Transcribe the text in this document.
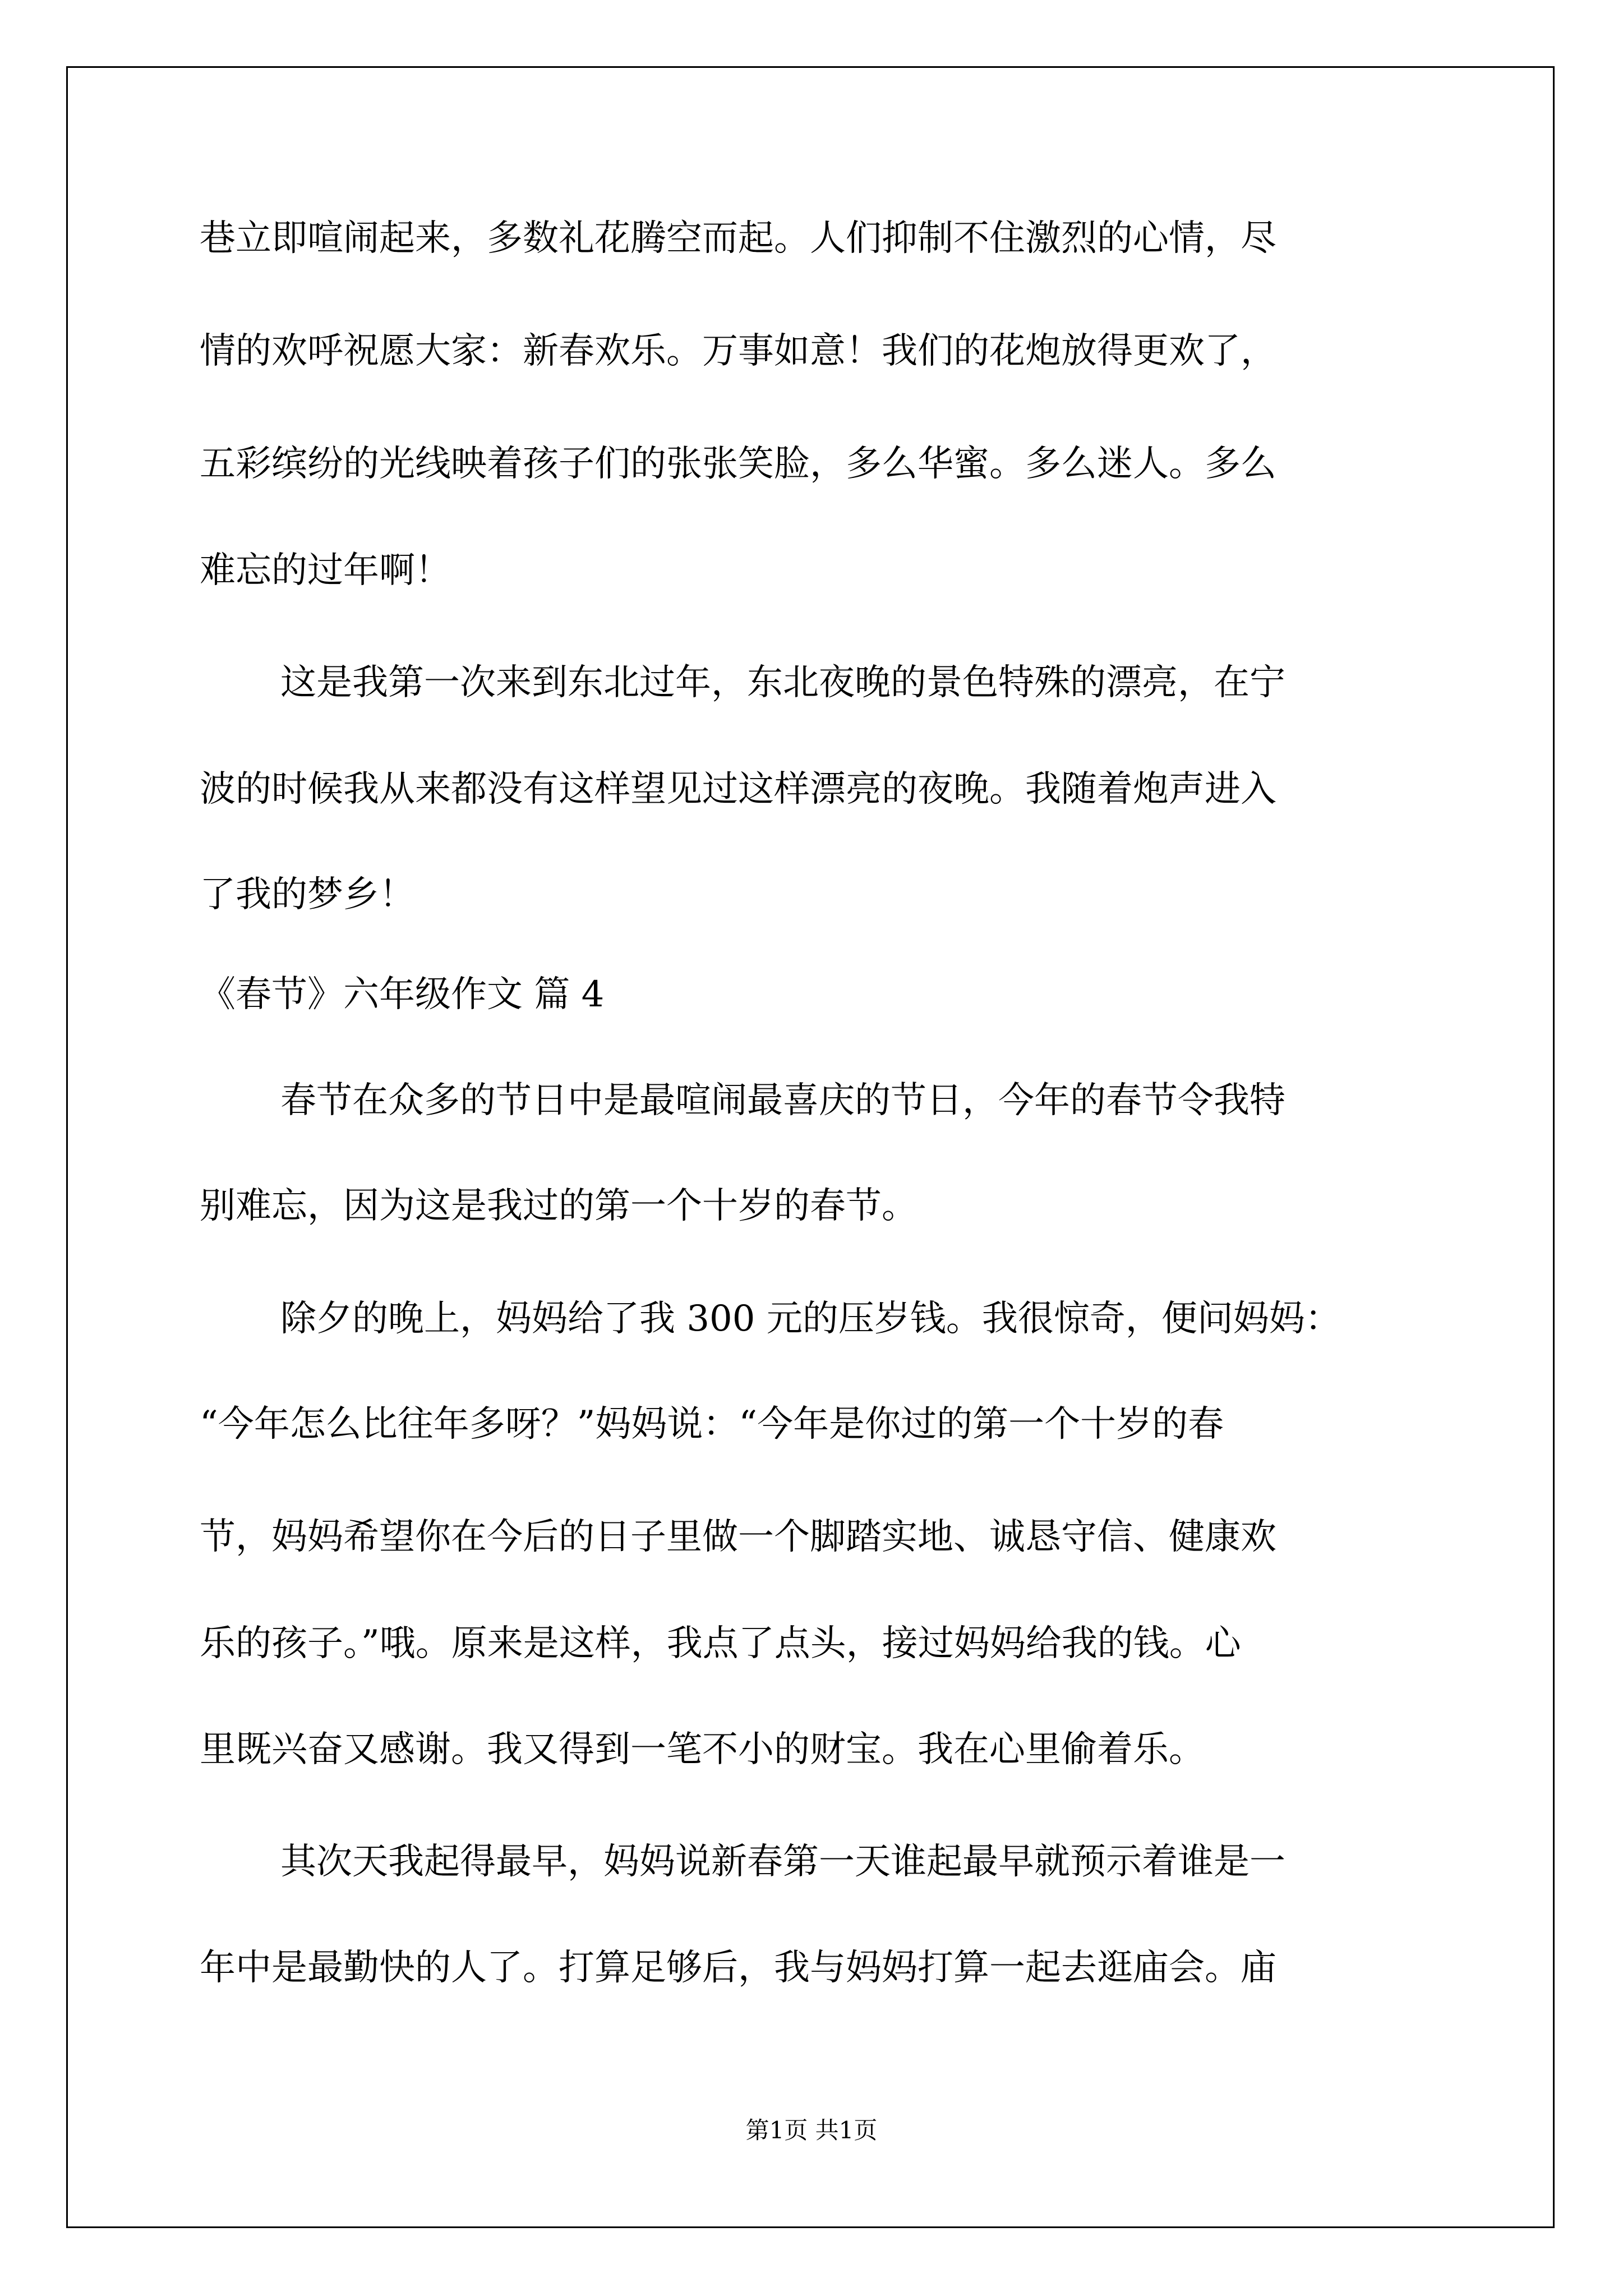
巷立即喧闹起来，多数礼花腾空而起。人们抑制不住激烈的心情，尽
情的欢呼祝愿大家：新春欢乐。万事如意！我们的花炮放得更欢了，
五彩缤纷的光线映着孩子们的张张笑脸，多么华蜜。多么迷人。多么
难忘的过年啊！
这是我第一次来到东北过年，东北夜晚的景色特殊的漂亮，在宁
波的时候我从来都没有这样望见过这样漂亮的夜晚。我随着炮声进入
了我的梦乡！
《春节》六年级作文 篇 4
春节在众多的节日中是最喧闹最喜庆的节日，今年的春节令我特
别难忘，因为这是我过的第一个十岁的春节。
除夕的晚上，妈妈给了我 300 元的压岁钱。我很惊奇，便问妈妈：
“今年怎么比往年多呀？”妈妈说：“今年是你过的第一个十岁的春
节，妈妈希望你在今后的日子里做一个脚踏实地、诚恳守信、健康欢
乐的孩子。”哦。原来是这样，我点了点头，接过妈妈给我的钱。心
里既兴奋又感谢。我又得到一笔不小的财宝。我在心里偷着乐。
其次天我起得最早，妈妈说新春第一天谁起最早就预示着谁是一
年中是最勤快的人了。打算足够后，我与妈妈打算一起去逛庙会。庙
第1页 共1页
